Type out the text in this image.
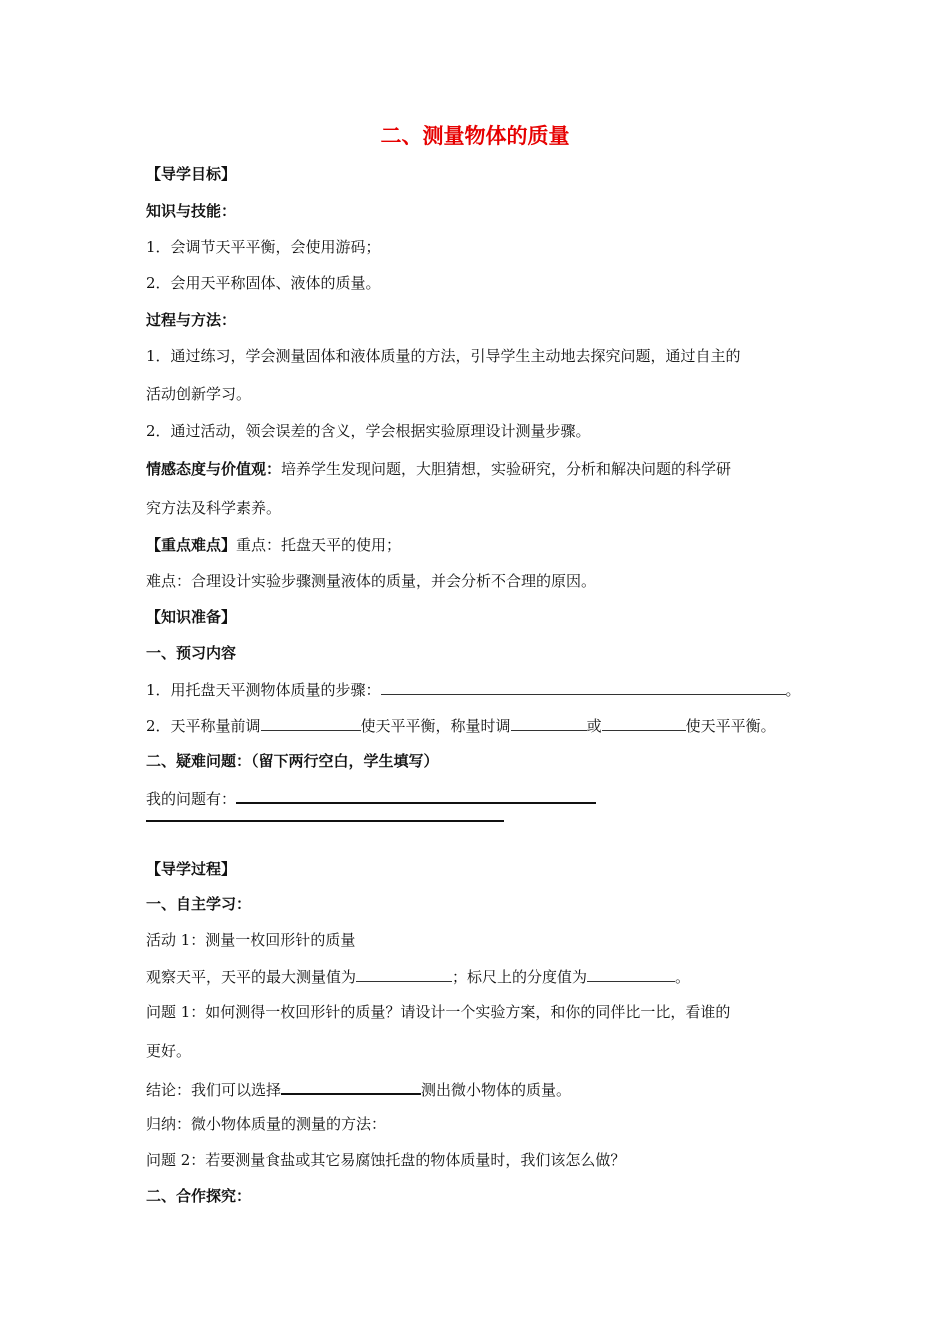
二、测量物体的质量
【导学目标】
知识与技能：
1．会调节天平平衡，会使用游码；
2．会用天平称固体、液体的质量。
过程与方法：
1．通过练习，学会测量固体和液体质量的方法，引导学生主动地去探究问题，通过自主的
活动创新学习。
2．通过活动，领会误差的含义，学会根据实验原理设计测量步骤。
情感态度与价值观：培养学生发现问题，大胆猜想，实验研究，分析和解决问题的科学研
究方法及科学素养。
【重点难点】重点：托盘天平的使用；
难点：合理设计实验步骤测量液体的质量，并会分析不合理的原因。
【知识准备】
一、预习内容
1．用托盘天平测物体质量的步骤：	。
2．天平称量前调	使天平平衡，称量时调	或	使天平平衡。
二、疑难问题：（留下两行空白，学生填写）
我的问题有：
【导学过程】
一、自主学习：
活动 1：测量一枚回形针的质量
观察天平，天平的最大测量值为	；标尺上的分度值为	。
问题 1：如何测得一枚回形针的质量？请设计一个实验方案，和你的同伴比一比，看谁的
更好。
结论：我们可以选择	测出微小物体的质量。
归纳：微小物体质量的测量的方法：
问题 2：若要测量食盐或其它易腐蚀托盘的物体质量时，我们该怎么做？
二、合作探究：
